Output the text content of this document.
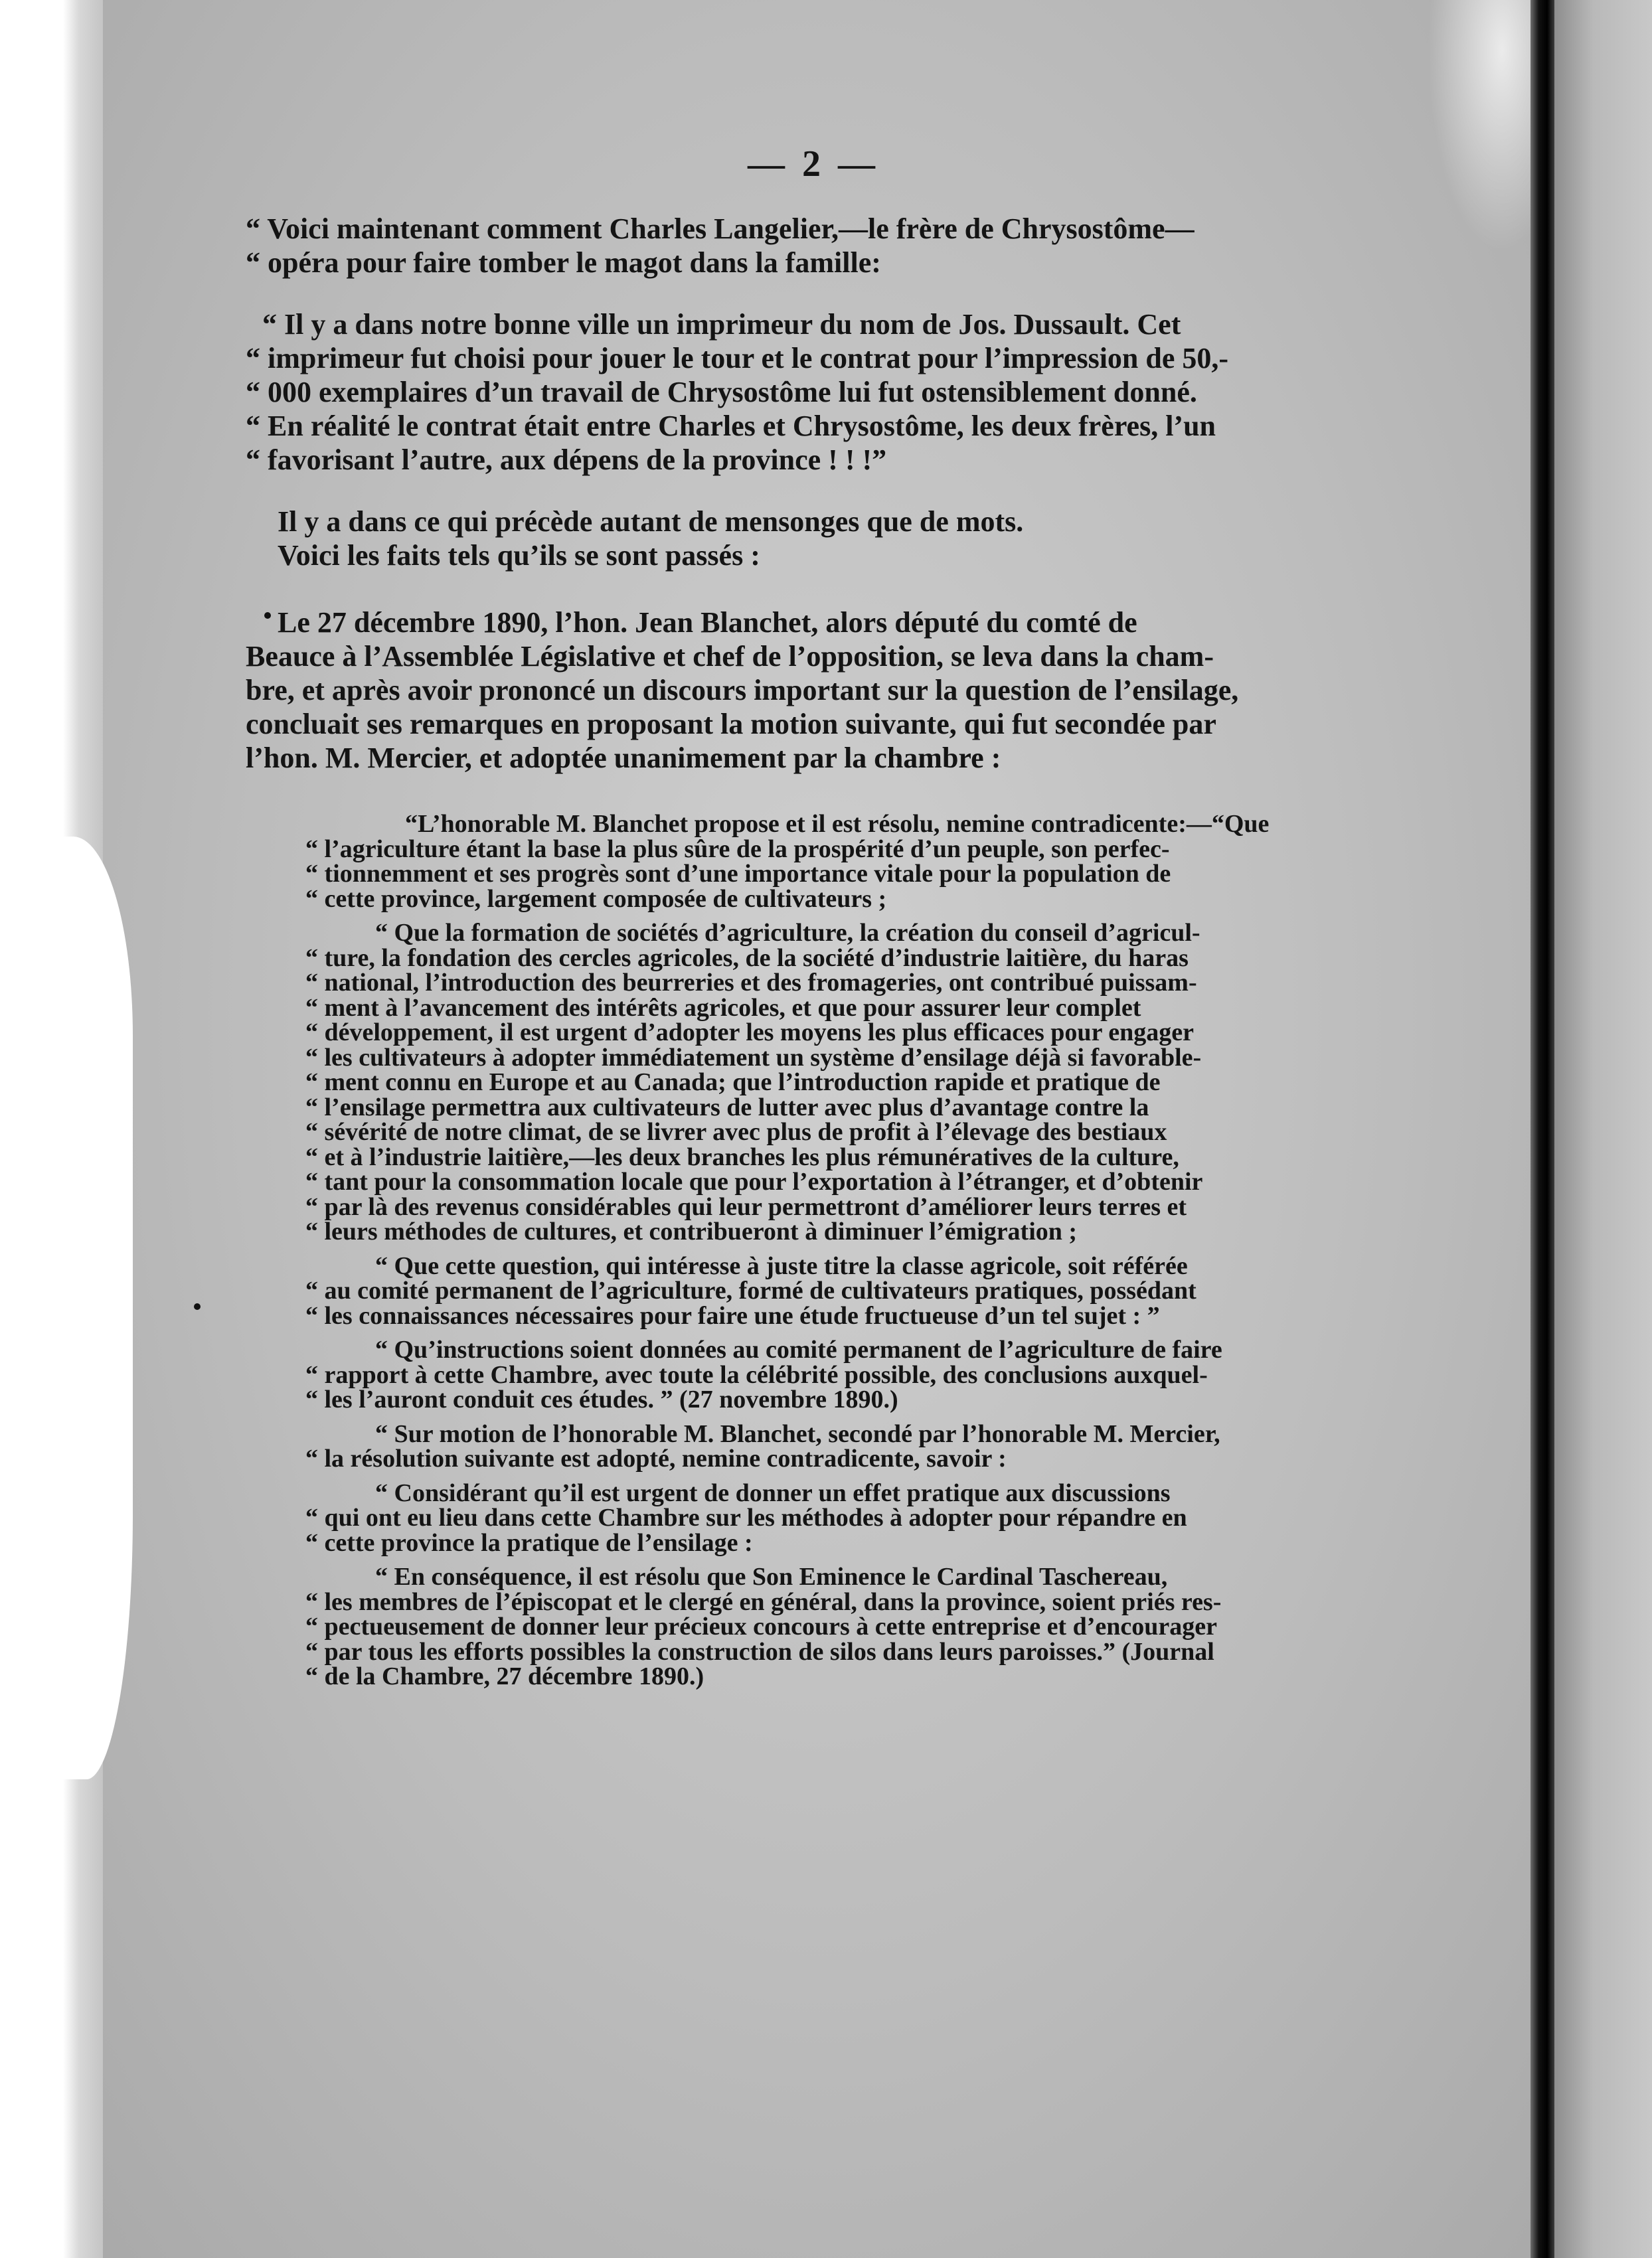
— 2 —

“ Voici maintenant comment Charles Langelier,—le frère de Chrysostôme—
“ opéra pour faire tomber le magot dans la famille:

“ Il y a dans notre bonne ville un imprimeur du nom de Jos. Dussault. Cet
“ imprimeur fut choisi pour jouer le tour et le contrat pour l’impression de 50,-
“ 000 exemplaires d’un travail de Chrysostôme lui fut ostensiblement donné.
“ En réalité le contrat était entre Charles et Chrysostôme, les deux frères, l’un
“ favorisant l’autre, aux dépens de la province ! ! !”

Il y a dans ce qui précède autant de mensonges que de mots.
Voici les faits tels qu’ils se sont passés :

Le 27 décembre 1890, l’hon. Jean Blanchet, alors député du comté de
Beauce à l’Assemblée Législative et chef de l’opposition, se leva dans la cham-
bre, et après avoir prononcé un discours important sur la question de l’ensilage,
concluait ses remarques en proposant la motion suivante, qui fut secondée par
l’hon. M. Mercier, et adoptée unanimement par la chambre :

“L’honorable M. Blanchet propose et il est résolu, nemine contradicente:—“Que
“ l’agriculture étant la base la plus sûre de la prospérité d’un peuple, son perfec-
“ tionnemment et ses progrès sont d’une importance vitale pour la population de
“ cette province, largement composée de cultivateurs ;

“ Que la formation de sociétés d’agriculture, la création du conseil d’agricul-
“ ture, la fondation des cercles agricoles, de la société d’industrie laitière, du haras
“ national, l’introduction des beurreries et des fromageries, ont contribué puissam-
“ ment à l’avancement des intérêts agricoles, et que pour assurer leur complet
“ développement, il est urgent d’adopter les moyens les plus efficaces pour engager
“ les cultivateurs à adopter immédiatement un système d’ensilage déjà si favorable-
“ ment connu en Europe et au Canada; que l’introduction rapide et pratique de
“ l’ensilage permettra aux cultivateurs de lutter avec plus d’avantage contre la
“ sévérité de notre climat, de se livrer avec plus de profit à l’élevage des bestiaux
“ et à l’industrie laitière,—les deux branches les plus rémunératives de la culture,
“ tant pour la consommation locale que pour l’exportation à l’étranger, et d’obtenir
“ par là des revenus considérables qui leur permettront d’améliorer leurs terres et
“ leurs méthodes de cultures, et contribueront à diminuer l’émigration ;

“ Que cette question, qui intéresse à juste titre la classe agricole, soit référée
“ au comité permanent de l’agriculture, formé de cultivateurs pratiques, possédant
“ les connaissances nécessaires pour faire une étude fructueuse d’un tel sujet : ”

“ Qu’instructions soient données au comité permanent de l’agriculture de faire
“ rapport à cette Chambre, avec toute la célébrité possible, des conclusions auxquel-
“ les l’auront conduit ces études. ” (27 novembre 1890.)

“ Sur motion de l’honorable M. Blanchet, secondé par l’honorable M. Mercier,
“ la résolution suivante est adopté, nemine contradicente, savoir :

“ Considérant qu’il est urgent de donner un effet pratique aux discussions
“ qui ont eu lieu dans cette Chambre sur les méthodes à adopter pour répandre en
“ cette province la pratique de l’ensilage :

“ En conséquence, il est résolu que Son Eminence le Cardinal Taschereau,
“ les membres de l’épiscopat et le clergé en général, dans la province, soient priés res-
“ pectueusement de donner leur précieux concours à cette entreprise et d’encourager
“ par tous les efforts possibles la construction de silos dans leurs paroisses.” (Journal
“ de la Chambre, 27 décembre 1890.)
